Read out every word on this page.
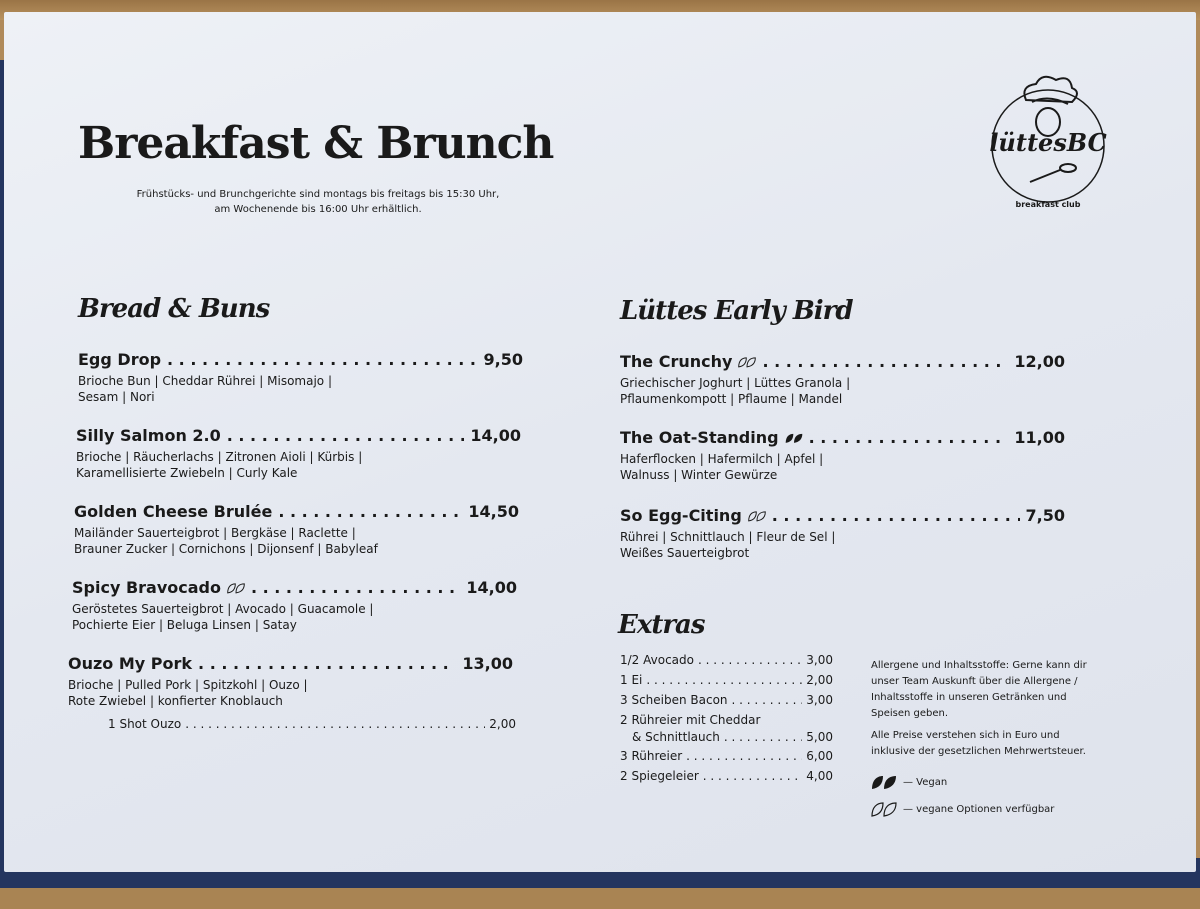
Breakfast & Brunch
Frühstücks- und Brunchgerichte sind montags bis freitags bis 15:30 Uhr,
am Wochenende bis 16:00 Uhr erhältlich.
lüttesBC
breakfast club
Bread & Buns
Egg Drop . . .	9,50
Brioche Bun | Cheddar Rührei | Misomajo |
Sesam | Nori
Silly Salmon 2.0 . . .	14,00
Brioche | Räucherlachs | Zitronen Aioli | Kürbis |
Karamellisierte Zwiebeln | Curly Kale
Golden Cheese Brulée . . .	14,50
Mailänder Sauerteigbrot | Bergkäse | Raclette |
Brauner Zucker | Cornichons | Dijonsenf | Babyleaf
Spicy Bravocado . . .	14,00
Geröstetes Sauerteigbrot | Avocado | Guacamole |
Pochierte Eier | Beluga Linsen | Satay
Ouzo My Pork . . .	13,00
Brioche | Pulled Pork | Spitzkohl | Ouzo |
Rote Zwiebel | konfierter Knoblauch
1 Shot Ouzo . . .	2,00
Lüttes Early Bird
The Crunchy . . .	12,00
Griechischer Joghurt | Lüttes Granola |
Pflaumenkompott | Pflaume | Mandel
The Oat-Standing . . .	11,00
Haferflocken | Hafermilch | Apfel |
Walnuss | Winter Gewürze
So Egg-Citing . . .	7,50
Rührei | Schnittlauch | Fleur de Sel |
Weißes Sauerteigbrot
Extras
1/2 Avocado . . .	3,00
1 Ei . . .	2,00
3 Scheiben Bacon . . .	3,00
2 Rühreier mit Cheddar
& Schnittlauch . . .	5,00
3 Rühreier . . .	6,00
2 Spiegeleier . . .	4,00
Allergene und Inhaltsstoffe: Gerne kann dir unser Team Auskunft über die Allergene / Inhaltsstoffe in unseren Getränken und Speisen geben.
Alle Preise verstehen sich in Euro und inklusive der gesetzlichen Mehrwertsteuer.
— Vegan
— vegane Optionen verfügbar
